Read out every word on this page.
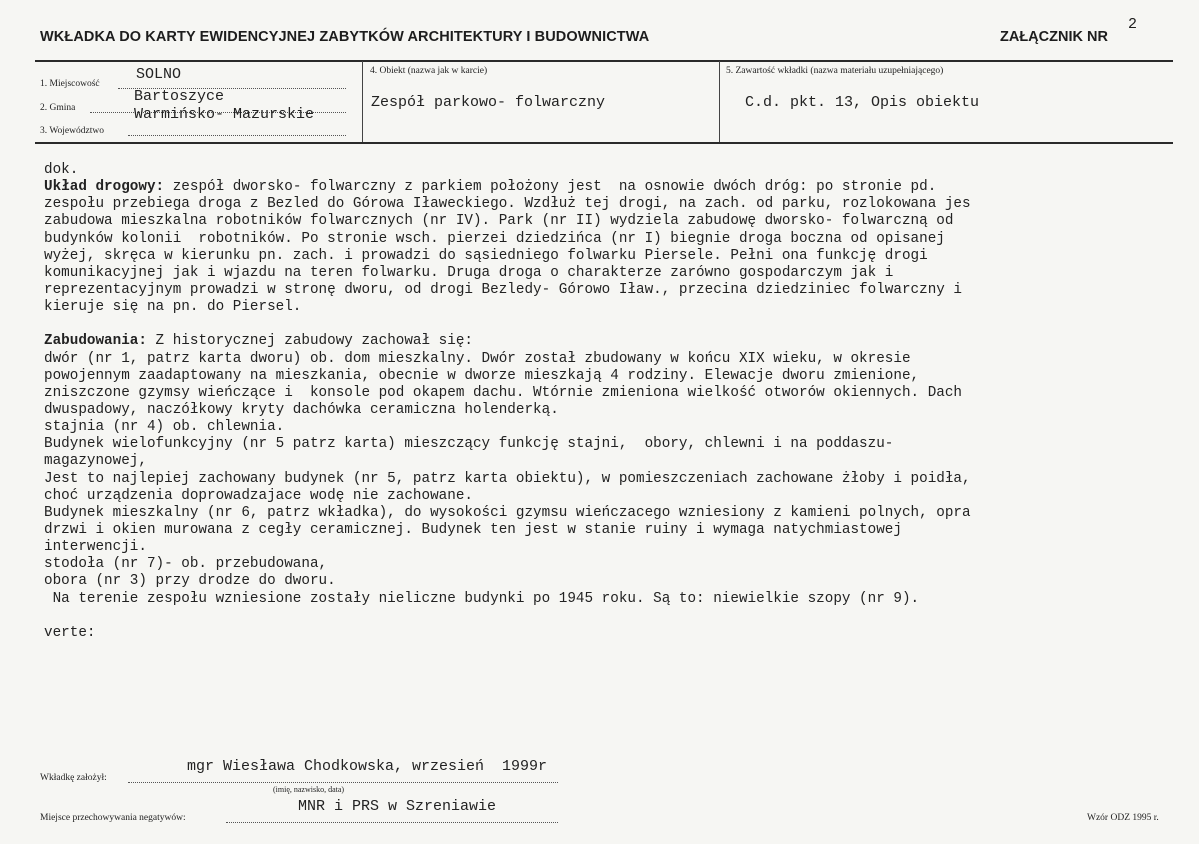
WKŁADKA DO KARTY EWIDENCYJNEJ ZABYTKÓW ARCHITEKTURY I BUDOWNICTWA	ZAŁĄCZNIK NR
2
1. Miejscowość
SOLNO
2. Gmina
Bartoszyce
Warmińsko- Mazurskie
3. Województwo
4. Obiekt (nazwa jak w karcie)
Zespół parkowo- folwarczny
5. Zawartość wkładki (nazwa materiału uzupełniającego)
C.d. pkt. 13, Opis obiektu
dok.
Układ drogowy: zespół dworsko- folwarczny z parkiem położony jest  na osnowie dwóch dróg: po stronie pd.
zespołu przebiega droga z Bezled do Górowa Iławeckiego. Wzdłuż tej drogi, na zach. od parku, rozlokowana jes
zabudowa mieszkalna robotników folwarcznych (nr IV). Park (nr II) wydziela zabudowę dworsko- folwarczną od
budynków kolonii  robotników. Po stronie wsch. pierzei dziedzińca (nr I) biegnie droga boczna od opisanej
wyżej, skręca w kierunku pn. zach. i prowadzi do sąsiedniego folwarku Piersele. Pełni ona funkcję drogi
komunikacyjnej jak i wjazdu na teren folwarku. Druga droga o charakterze zarówno gospodarczym jak i
reprezentacyjnym prowadzi w stronę dworu, od drogi Bezledy- Górowo Iław., przecina dziedziniec folwarczny i
kieruje się na pn. do Piersel.
Zabudowania: Z historycznej zabudowy zachował się:
dwór (nr 1, patrz karta dworu) ob. dom mieszkalny. Dwór został zbudowany w końcu XIX wieku, w okresie
powojennym zaadaptowany na mieszkania, obecnie w dworze mieszkają 4 rodziny. Elewacje dworu zmienione,
zniszczone gzymsy wieńczące i  konsole pod okapem dachu. Wtórnie zmieniona wielkość otworów okiennych. Dach
dwuspadowy, naczółkowy kryty dachówka ceramiczna holenderką.
stajnia (nr 4) ob. chlewnia.
Budynek wielofunkcyjny (nr 5 patrz karta) mieszczący funkcję stajni,  obory, chlewni i na poddaszu-
magazynowej,
Jest to najlepiej zachowany budynek (nr 5, patrz karta obiektu), w pomieszczeniach zachowane żłoby i poidła,
choć urządzenia doprowadzajace wodę nie zachowane.
Budynek mieszkalny (nr 6, patrz wkładka), do wysokości gzymsu wieńczacego wzniesiony z kamieni polnych, opra
drzwi i okien murowana z cegły ceramicznej. Budynek ten jest w stanie ruiny i wymaga natychmiastowej
interwencji.
stodoła (nr 7)- ob. przebudowana,
obora (nr 3) przy drodze do dworu.
Na terenie zespołu wzniesione zostały nieliczne budynki po 1945 roku. Są to: niewielkie szopy (nr 9).
verte:
mgr Wiesława Chodkowska, wrzesień  1999r
Wkładkę założył:
(imię, nazwisko, data)
MNR i PRS w Szreniawie
Miejsce przechowywania negatywów:	Wzór ODZ 1995 r.
